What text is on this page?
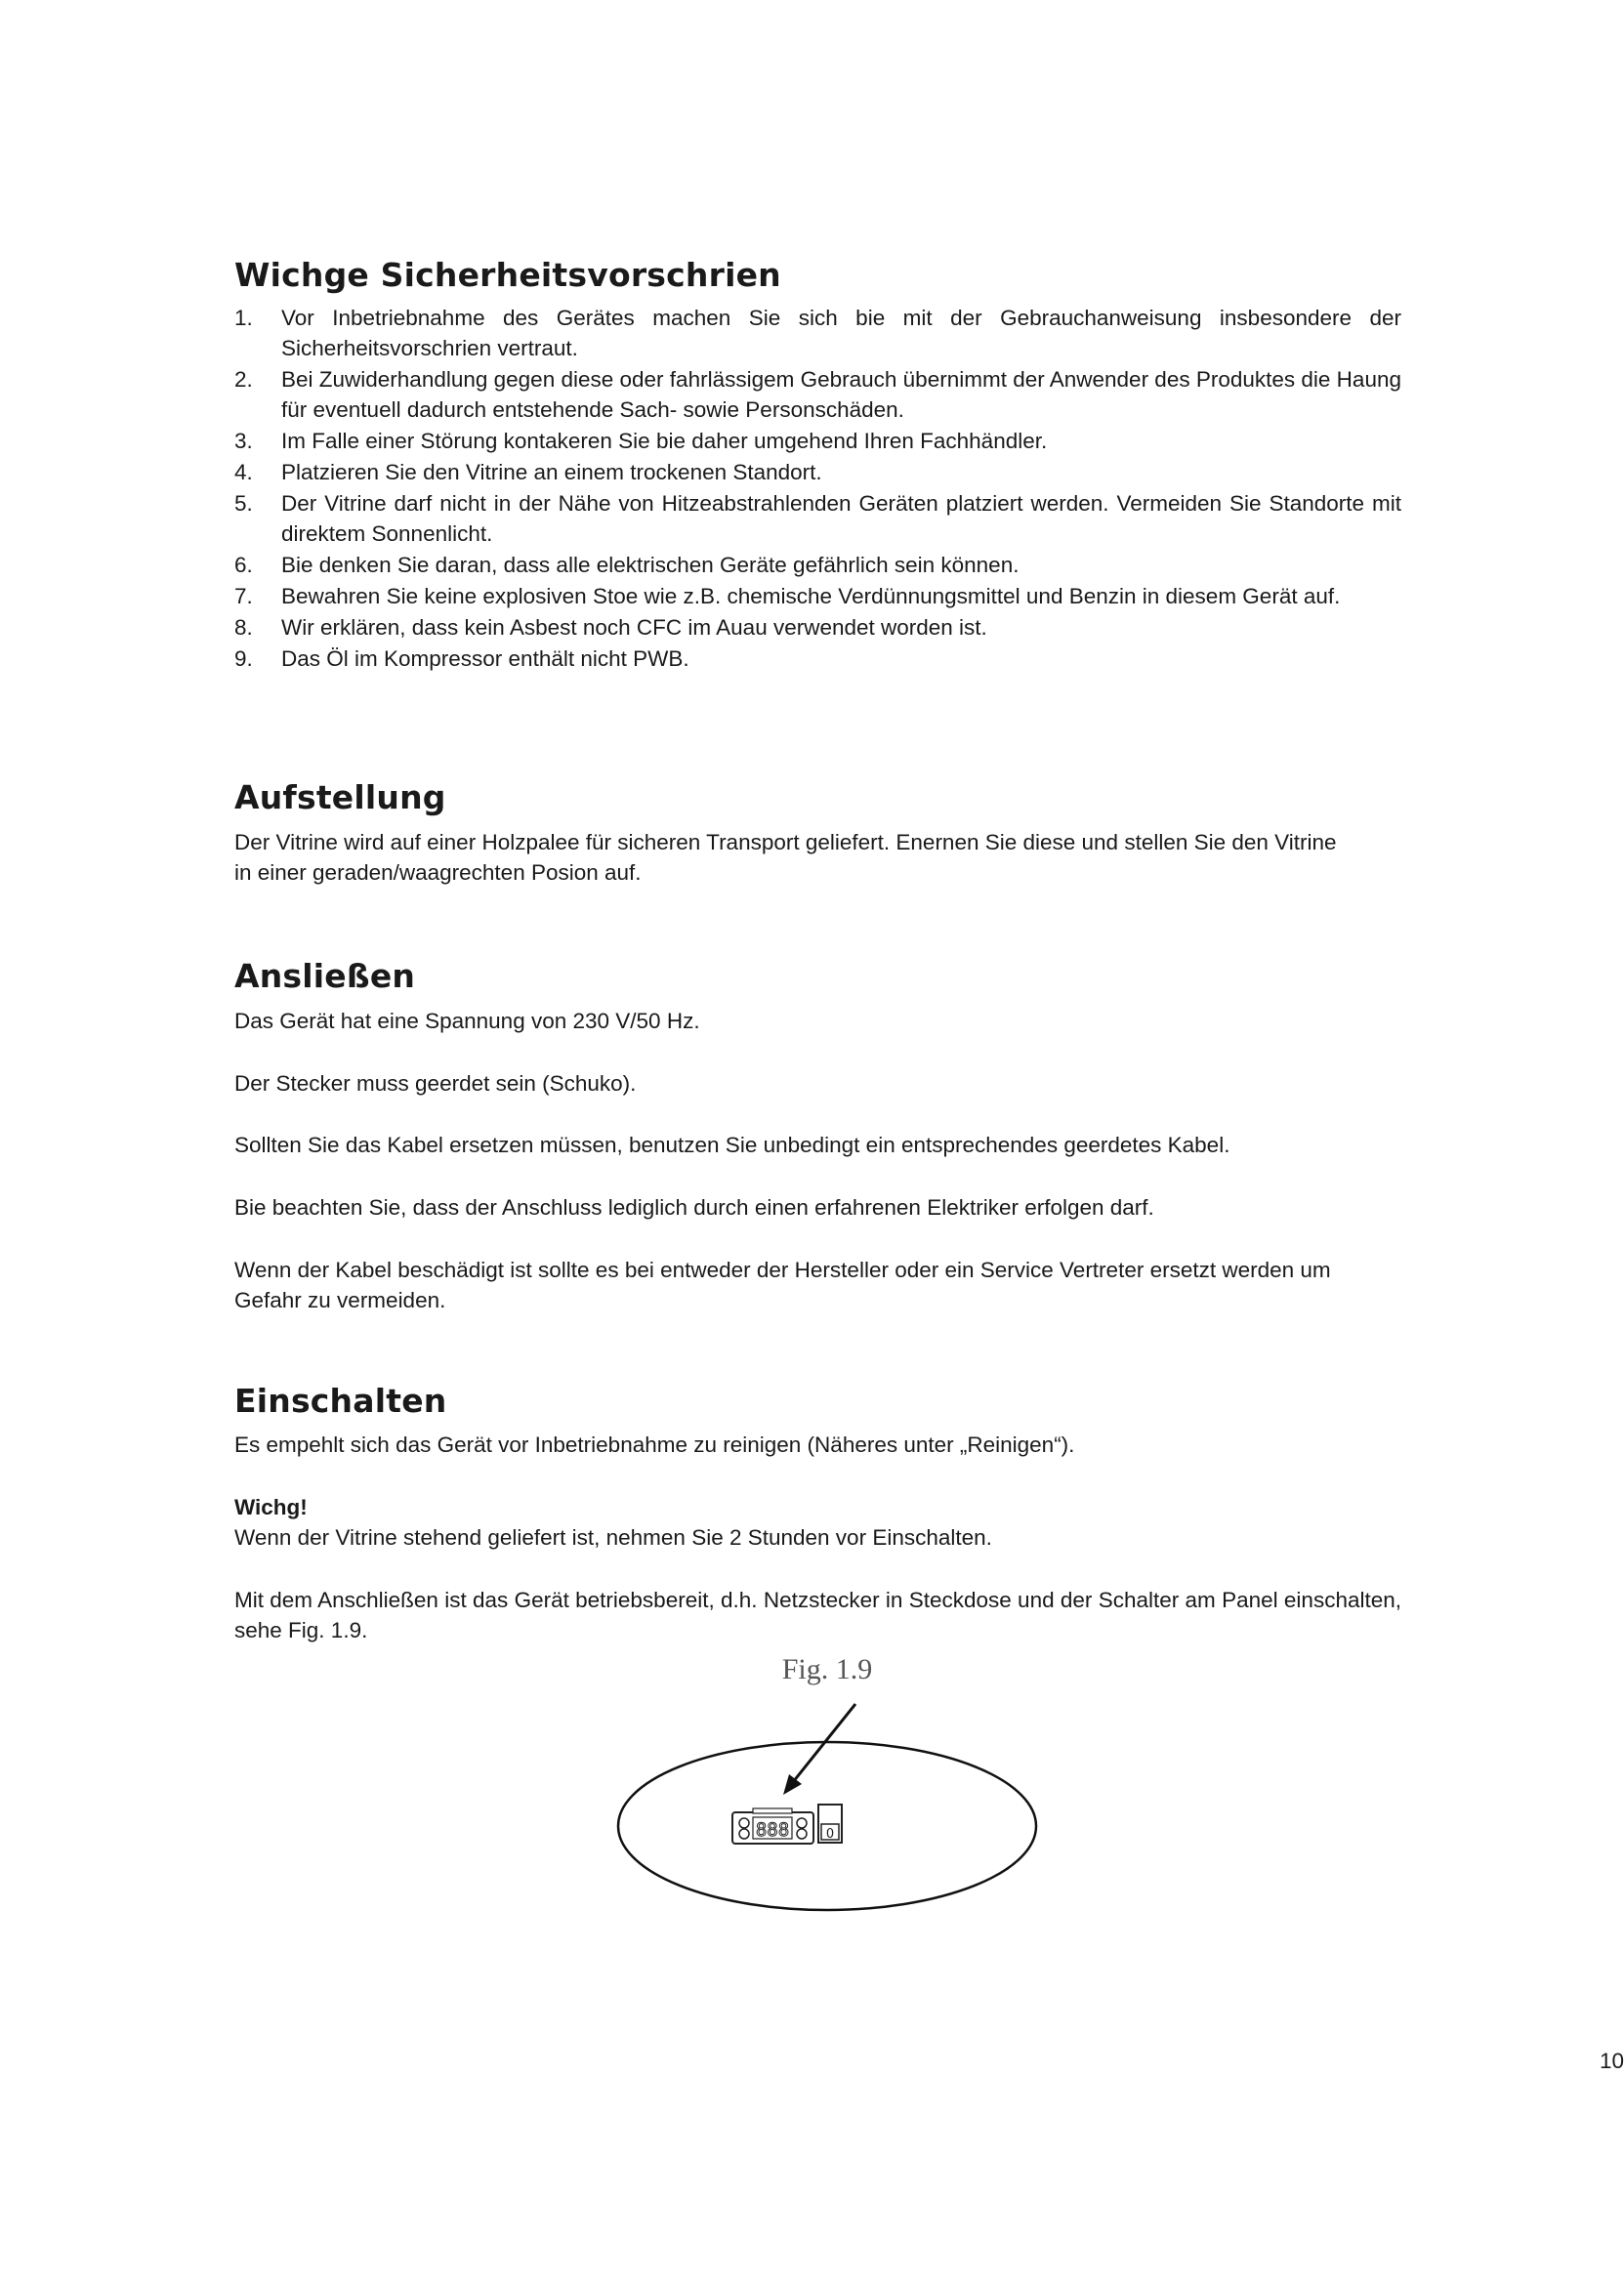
Wichge Sicherheitsvorschrien
1. Vor Inbetriebnahme des Gerätes machen Sie sich bie mit der Gebrauchanweisung insbesondere der Sicherheitsvorschrien vertraut.
2. Bei Zuwiderhandlung gegen diese oder fahrlässigem Gebrauch übernimmt der Anwender des Produktes die Haung für eventuell dadurch entstehende Sach- sowie Personschäden.
3. Im Falle einer Störung kontakeren Sie bie daher umgehend Ihren Fachhändler.
4. Platzieren Sie den Vitrine an einem trockenen Standort.
5. Der Vitrine darf nicht in der Nähe von Hitzeabstrahlenden Geräten platziert werden. Vermeiden Sie Standorte mit direktem Sonnenlicht.
6. Bie denken Sie daran, dass alle elektrischen Geräte gefährlich sein können.
7. Bewahren Sie keine explosiven Stoe wie z.B. chemische Verdünnungsmittel und Benzin in diesem Gerät auf.
8. Wir erklären, dass kein Asbest noch CFC im Auau verwendet worden ist.
9. Das Öl im Kompressor enthält nicht PWB.
Aufstellung

Der Vitrine wird auf einer Holzpalee für sicheren Transport geliefert. Enernen Sie diese und stellen Sie den Vitrine in einer geraden/waagrechten Posion auf.

Ansließen

Das Gerät hat eine Spannung von 230 V/50 Hz.

Der Stecker muss geerdet sein (Schuko).

Sollten Sie das Kabel ersetzen müssen, benutzen Sie unbedingt ein entsprechendes geerdetes Kabel.

Bie beachten Sie, dass der Anschluss lediglich durch einen erfahrenen Elektriker erfolgen darf.

Wenn der Kabel beschädigt ist sollte es bei entweder der Hersteller oder ein Service Vertreter ersetzt werden um Gefahr zu vermeiden.

Einschalten

Es empehlt sich das Gerät vor Inbetriebnahme zu reinigen (Näheres unter „Reinigen“).

Wichg!

Wenn der Vitrine stehend geliefert ist, nehmen Sie 2 Stunden vor Einschalten.

Mit dem Anschließen ist das Gerät betriebsbereit, d.h. Netzstecker in Steckdose und der Schalter am Panel einschalten, sehe Fig. 1.9.

Fig. 1.9
888	0
10
